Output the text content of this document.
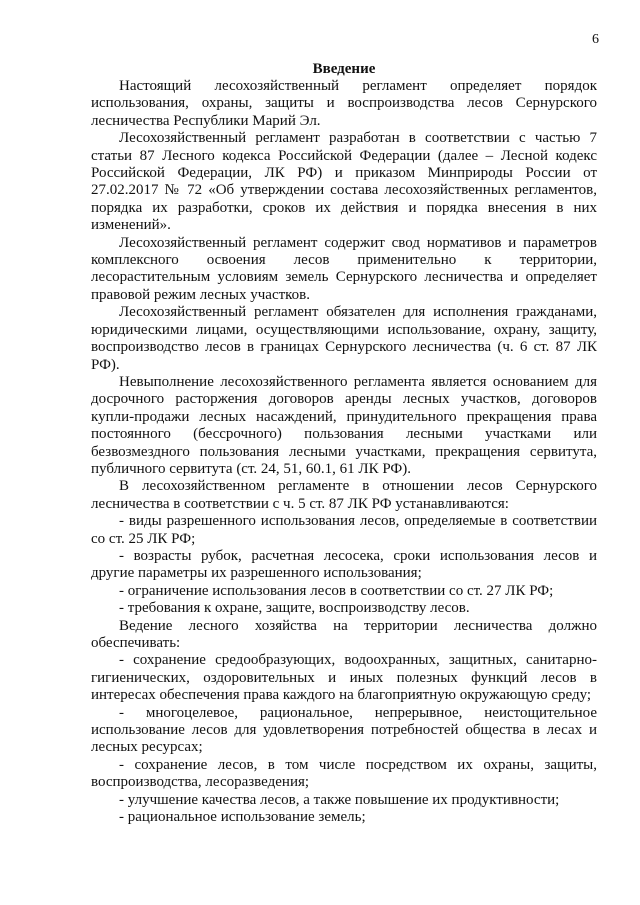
6

Введение

Настоящий лесохозяйственный регламент определяет порядок использования, охраны, защиты и воспроизводства лесов Сернурского лесничества Республики Марий Эл.

Лесохозяйственный регламент разработан в соответствии с частью 7 статьи 87 Лесного кодекса Российской Федерации (далее – Лесной кодекс Российской Федерации, ЛК РФ) и приказом Минприроды России от 27.02.2017 № 72 «Об утверждении состава лесохозяйственных регламентов, порядка их разработки, сроков их действия и порядка внесения в них изменений».

Лесохозяйственный регламент содержит свод нормативов и параметров комплексного освоения лесов применительно к территории, лесорастительным условиям земель Сернурского лесничества и определяет правовой режим лесных участков.

Лесохозяйственный регламент обязателен для исполнения гражданами, юридическими лицами, осуществляющими использование, охрану, защиту, воспроизводство лесов в границах Сернурского лесничества (ч. 6 ст. 87 ЛК РФ).

Невыполнение лесохозяйственного регламента является основанием для досрочного расторжения договоров аренды лесных участков, договоров купли-продажи лесных насаждений, принудительного прекращения права постоянного (бессрочного) пользования лесными участками или безвозмездного пользования лесными участками, прекращения сервитута, публичного сервитута (ст. 24, 51, 60.1, 61 ЛК РФ).

В лесохозяйственном регламенте в отношении лесов Сернурского лесничества в соответствии с ч. 5 ст. 87 ЛК РФ устанавливаются:

- виды разрешенного использования лесов, определяемые в соответствии со ст. 25 ЛК РФ;

- возрасты рубок, расчетная лесосека, сроки использования лесов и другие параметры их разрешенного использования;

- ограничение использования лесов в соответствии со ст. 27 ЛК РФ;

- требования к охране, защите, воспроизводству лесов.

Ведение лесного хозяйства на территории лесничества должно обеспечивать:

- сохранение средообразующих, водоохранных, защитных, санитарно-гигиенических, оздоровительных и иных полезных функций лесов в интересах обеспечения права каждого на благоприятную окружающую среду;

- многоцелевое, рациональное, непрерывное, неистощительное использование лесов для удовлетворения потребностей общества в лесах и лесных ресурсах;

- сохранение лесов, в том числе посредством их охраны, защиты, воспроизводства, лесоразведения;

- улучшение качества лесов, а также повышение их продуктивности;

- рациональное использование земель;
